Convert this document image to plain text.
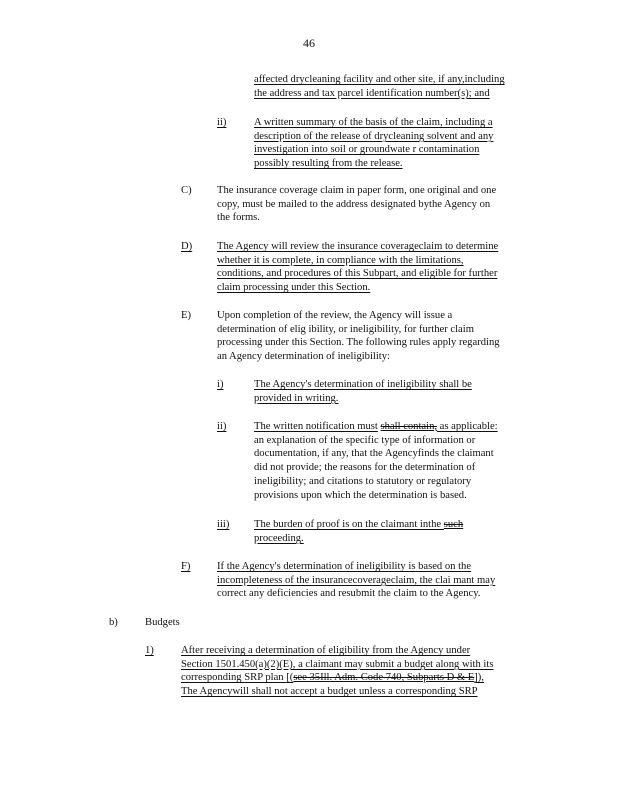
46
affected drycleaning facility and other site, if any,including
the address and tax parcel identification number(s); and
ii)	A written summary of the basis of the claim, including a
description of the release of drycleaning solvent and any
investigation into soil or groundwate r contamination
possibly resulting from the release.
C) The insurance coverage claim in paper form, one original and one
copy, must be mailed to the address designated bythe Agency on
the forms.
D) The Agency will review the insurance coverageclaim to determine
whether it is complete, in compliance with the limitations,
conditions, and procedures of this Subpart, and eligible for further
claim processing under this Section.
E) Upon completion of the review, the Agency will issue a
determination of elig ibility, or ineligibility, for further claim
processing under this Section. The following rules apply regarding
an Agency determination of ineligibility:
i)	The Agency's determination of ineligibility shall be
provided in writing.
ii)	The written notification must shall contain, as applicable:
an explanation of the specific type of information or
documentation, if any, that the Agencyfinds the claimant
did not provide; the reasons for the determination of
ineligibility; and citations to statutory or regulatory
provisions upon which the determination is based.
iii) The burden of proof is on the claimant inthe such
proceeding.
F)	If the Agency's determination of ineligibility is based on the
incompleteness of the insurancecoverageclaim, the clai mant may
correct any deficiencies and resubmit the claim to the Agency.
b)	Budgets
1)	After receiving a determination of eligibility from the Agency under
Section 1501.450(a)(2)(E), a claimant may submit a budget along with its
corresponding SRP plan [(see 35Ill. Adm. Code 740, Subparts D & E]),
The Agencywill shall not accept a budget unless a corresponding SRP
